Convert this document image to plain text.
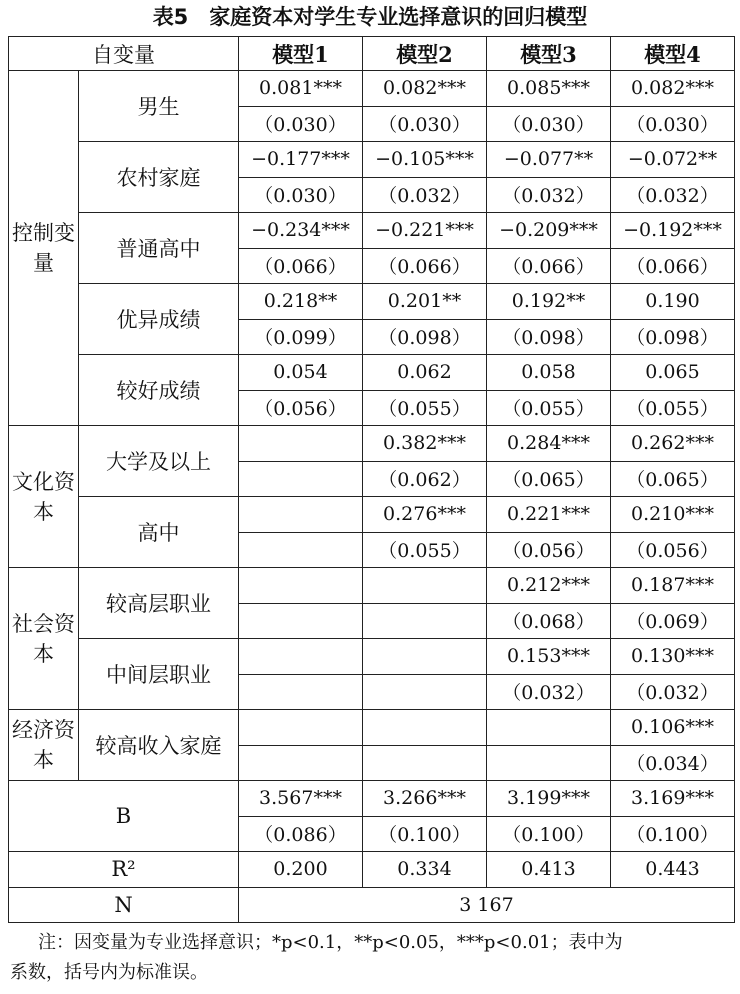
表5　家庭资本对学生专业选择意识的回归模型
自变量		模型1	模型2	模型3	模型4
控制变量	男生	0.081***	0.082***	0.085***	0.082***
		（0.030）	（0.030）	（0.030）	（0.030）
	农村家庭	−0.177***	−0.105***	−0.077**	−0.072**
		（0.030）	（0.032）	（0.032）	（0.032）
	普通高中	−0.234***	−0.221***	−0.209***	−0.192***
		（0.066）	（0.066）	（0.066）	（0.066）
	优异成绩	0.218**	0.201**	0.192**	0.190
		（0.099）	（0.098）	（0.098）	（0.098）
	较好成绩	0.054	0.062	0.058	0.065
		（0.056）	（0.055）	（0.055）	（0.055）
文化资本	大学及以上		0.382***	0.284***	0.262***
			（0.062）	（0.065）	（0.065）
	高中		0.276***	0.221***	0.210***
			（0.055）	（0.056）	（0.056）
社会资本	较高层职业			0.212***	0.187***
				（0.068）	（0.069）
	中间层职业			0.153***	0.130***
				（0.032）	（0.032）
经济资本	较高收入家庭				0.106***
					（0.034）
B		3.567***	3.266***	3.199***	3.169***
		（0.086）	（0.100）	（0.100）	（0.100）
R²		0.200	0.334	0.413	0.443
N		3 167			

注：因变量为专业选择意识；*p<0.1，**p<0.05，***p<0.01；表中为

系数，括号内为标准误。
